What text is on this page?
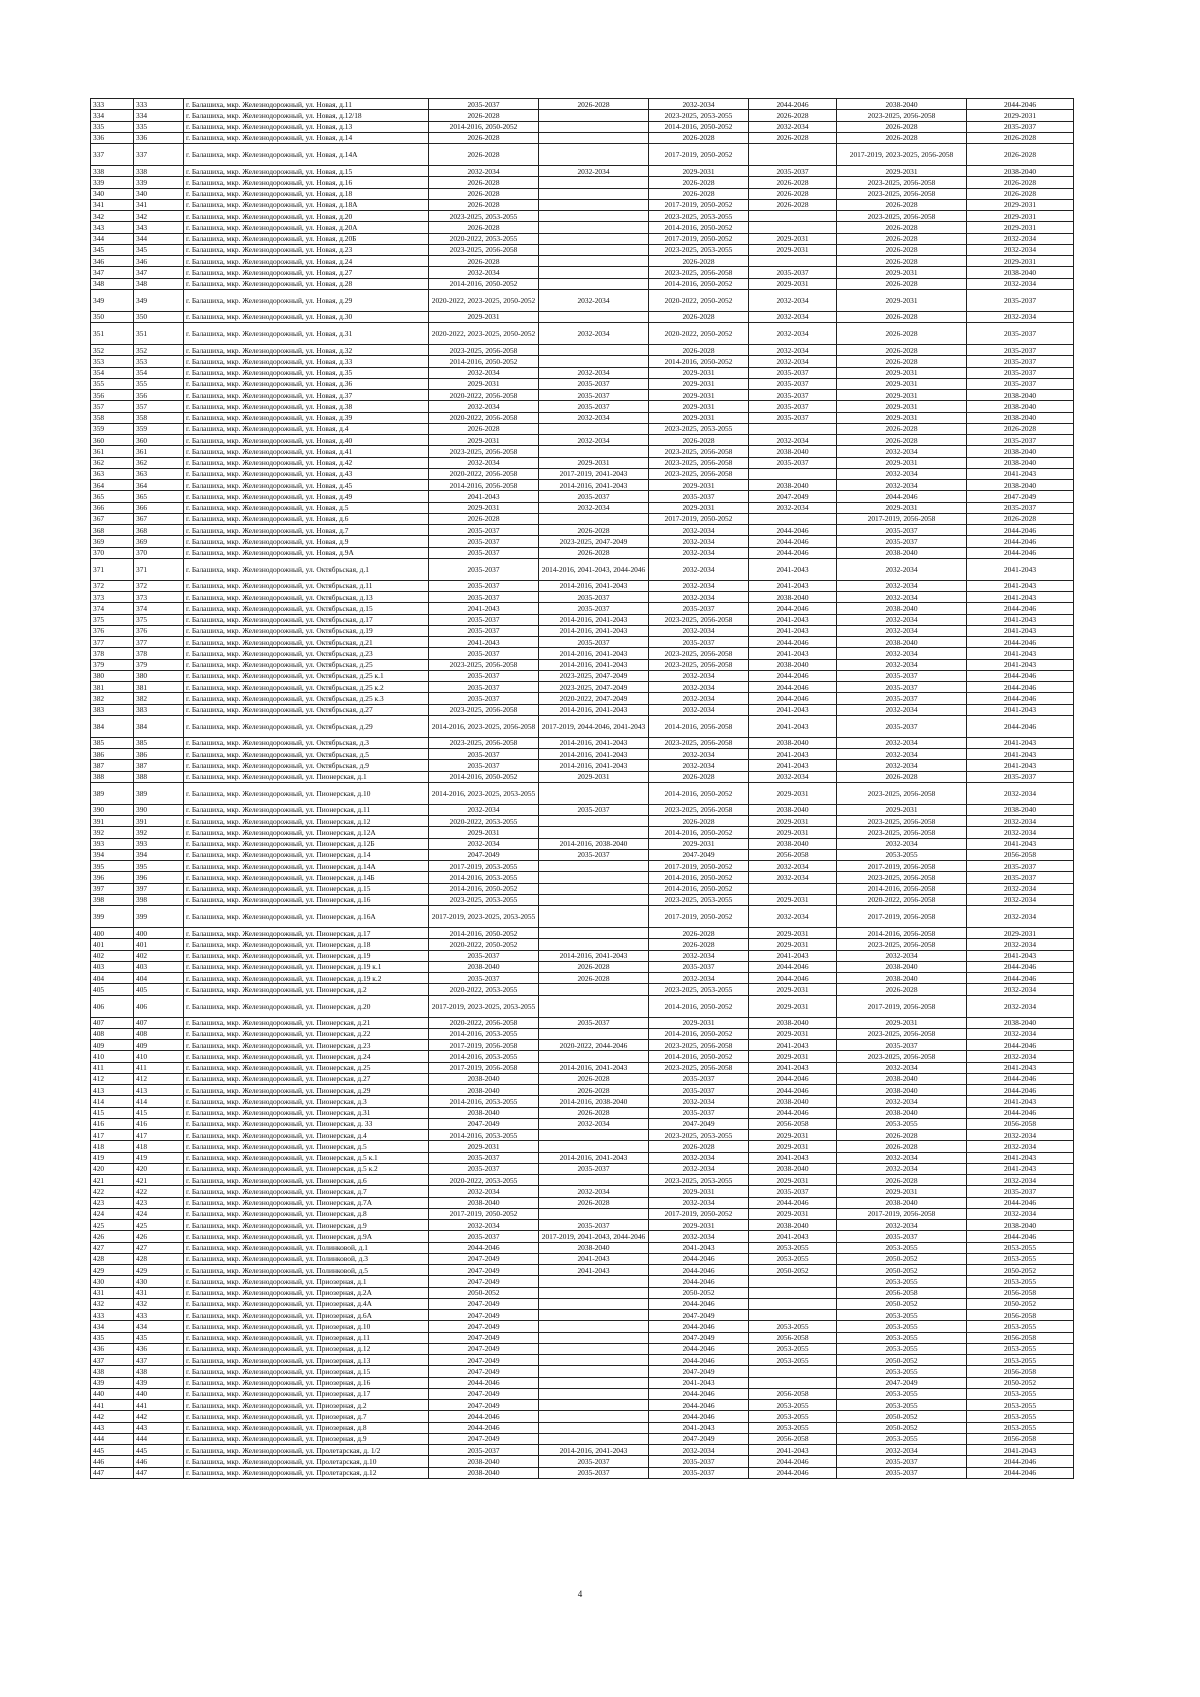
333	333	г. Балашиха, мкр. Железнодорожный, ул. Новая, д.11	2035-2037	2026-2028	2032-2034	2044-2046	2038-2040	2044-2046
334	334	г. Балашиха, мкр. Железнодорожный, ул. Новая, д.12/18	2026-2028		2023-2025, 2053-2055	2026-2028	2023-2025, 2056-2058	2029-2031
335	335	г. Балашиха, мкр. Железнодорожный, ул. Новая, д.13	2014-2016, 2050-2052		2014-2016, 2050-2052	2032-2034	2026-2028	2035-2037
336	336	г. Балашиха, мкр. Железнодорожный, ул. Новая, д.14	2026-2028		2026-2028	2026-2028	2026-2028	2026-2028
337	337	г. Балашиха, мкр. Железнодорожный, ул. Новая, д.14А	2026-2028		2017-2019, 2050-2052		2017-2019, 2023-2025, 2056-2058	2026-2028
338	338	г. Балашиха, мкр. Железнодорожный, ул. Новая, д.15	2032-2034	2032-2034	2029-2031	2035-2037	2029-2031	2038-2040
339	339	г. Балашиха, мкр. Железнодорожный, ул. Новая, д.16	2026-2028		2026-2028	2026-2028	2023-2025, 2056-2058	2026-2028
340	340	г. Балашиха, мкр. Железнодорожный, ул. Новая, д.18	2026-2028		2026-2028	2026-2028	2023-2025, 2056-2058	2026-2028
341	341	г. Балашиха, мкр. Железнодорожный, ул. Новая, д.18А	2026-2028		2017-2019, 2050-2052	2026-2028	2026-2028	2029-2031
342	342	г. Балашиха, мкр. Железнодорожный, ул. Новая, д.20	2023-2025, 2053-2055		2023-2025, 2053-2055		2023-2025, 2056-2058	2029-2031
343	343	г. Балашиха, мкр. Железнодорожный, ул. Новая, д.20А	2026-2028		2014-2016, 2050-2052		2026-2028	2029-2031
344	344	г. Балашиха, мкр. Железнодорожный, ул. Новая, д.20Б	2020-2022, 2053-2055		2017-2019, 2050-2052	2029-2031	2026-2028	2032-2034
345	345	г. Балашиха, мкр. Железнодорожный, ул. Новая, д.23	2023-2025, 2056-2058		2023-2025, 2053-2055	2029-2031	2026-2028	2032-2034
346	346	г. Балашиха, мкр. Железнодорожный, ул. Новая, д.24	2026-2028		2026-2028		2026-2028	2029-2031
347	347	г. Балашиха, мкр. Железнодорожный, ул. Новая, д.27	2032-2034		2023-2025, 2056-2058	2035-2037	2029-2031	2038-2040
348	348	г. Балашиха, мкр. Железнодорожный, ул. Новая, д.28	2014-2016, 2050-2052		2014-2016, 2050-2052	2029-2031	2026-2028	2032-2034
349	349	г. Балашиха, мкр. Железнодорожный, ул. Новая, д.29	2020-2022, 2023-2025, 2050-2052	2032-2034	2020-2022, 2050-2052	2032-2034	2029-2031	2035-2037
350	350	г. Балашиха, мкр. Железнодорожный, ул. Новая, д.30	2029-2031		2026-2028	2032-2034	2026-2028	2032-2034
351	351	г. Балашиха, мкр. Железнодорожный, ул. Новая, д.31	2020-2022, 2023-2025, 2050-2052	2032-2034	2020-2022, 2050-2052	2032-2034	2026-2028	2035-2037
352	352	г. Балашиха, мкр. Железнодорожный, ул. Новая, д.32	2023-2025, 2056-2058		2026-2028	2032-2034	2026-2028	2035-2037
353	353	г. Балашиха, мкр. Железнодорожный, ул. Новая, д.33	2014-2016, 2050-2052		2014-2016, 2050-2052	2032-2034	2026-2028	2035-2037
354	354	г. Балашиха, мкр. Железнодорожный, ул. Новая, д.35	2032-2034	2032-2034	2029-2031	2035-2037	2029-2031	2035-2037
355	355	г. Балашиха, мкр. Железнодорожный, ул. Новая, д.36	2029-2031	2035-2037	2029-2031	2035-2037	2029-2031	2035-2037
356	356	г. Балашиха, мкр. Железнодорожный, ул. Новая, д.37	2020-2022, 2056-2058	2035-2037	2029-2031	2035-2037	2029-2031	2038-2040
357	357	г. Балашиха, мкр. Железнодорожный, ул. Новая, д.38	2032-2034	2035-2037	2029-2031	2035-2037	2029-2031	2038-2040
358	358	г. Балашиха, мкр. Железнодорожный, ул. Новая, д.39	2020-2022, 2056-2058	2032-2034	2029-2031	2035-2037	2029-2031	2038-2040
359	359	г. Балашиха, мкр. Железнодорожный, ул. Новая, д.4	2026-2028		2023-2025, 2053-2055		2026-2028	2026-2028
360	360	г. Балашиха, мкр. Железнодорожный, ул. Новая, д.40	2029-2031	2032-2034	2026-2028	2032-2034	2026-2028	2035-2037
361	361	г. Балашиха, мкр. Железнодорожный, ул. Новая, д.41	2023-2025, 2056-2058		2023-2025, 2056-2058	2038-2040	2032-2034	2038-2040
362	362	г. Балашиха, мкр. Железнодорожный, ул. Новая, д.42	2032-2034	2029-2031	2023-2025, 2056-2058	2035-2037	2029-2031	2038-2040
363	363	г. Балашиха, мкр. Железнодорожный, ул. Новая, д.43	2020-2022, 2056-2058	2017-2019, 2041-2043	2023-2025, 2056-2058		2032-2034	2041-2043
364	364	г. Балашиха, мкр. Железнодорожный, ул. Новая, д.45	2014-2016, 2056-2058	2014-2016, 2041-2043	2029-2031	2038-2040	2032-2034	2038-2040
365	365	г. Балашиха, мкр. Железнодорожный, ул. Новая, д.49	2041-2043	2035-2037	2035-2037	2047-2049	2044-2046	2047-2049
366	366	г. Балашиха, мкр. Железнодорожный, ул. Новая, д.5	2029-2031	2032-2034	2029-2031	2032-2034	2029-2031	2035-2037
367	367	г. Балашиха, мкр. Железнодорожный, ул. Новая, д.6	2026-2028		2017-2019, 2050-2052		2017-2019, 2056-2058	2026-2028
368	368	г. Балашиха, мкр. Железнодорожный, ул. Новая, д.7	2035-2037	2026-2028	2032-2034	2044-2046	2035-2037	2044-2046
369	369	г. Балашиха, мкр. Железнодорожный, ул. Новая, д.9	2035-2037	2023-2025, 2047-2049	2032-2034	2044-2046	2035-2037	2044-2046
370	370	г. Балашиха, мкр. Железнодорожный, ул. Новая, д.9А	2035-2037	2026-2028	2032-2034	2044-2046	2038-2040	2044-2046
371	371	г. Балашиха, мкр. Железнодорожный, ул. Октябрьская, д.1	2035-2037	2014-2016, 2041-2043, 2044-2046	2032-2034	2041-2043	2032-2034	2041-2043
372	372	г. Балашиха, мкр. Железнодорожный, ул. Октябрьская, д.11	2035-2037	2014-2016, 2041-2043	2032-2034	2041-2043	2032-2034	2041-2043
373	373	г. Балашиха, мкр. Железнодорожный, ул. Октябрьская, д.13	2035-2037	2035-2037	2032-2034	2038-2040	2032-2034	2041-2043
374	374	г. Балашиха, мкр. Железнодорожный, ул. Октябрьская, д.15	2041-2043	2035-2037	2035-2037	2044-2046	2038-2040	2044-2046
375	375	г. Балашиха, мкр. Железнодорожный, ул. Октябрьская, д.17	2035-2037	2014-2016, 2041-2043	2023-2025, 2056-2058	2041-2043	2032-2034	2041-2043
376	376	г. Балашиха, мкр. Железнодорожный, ул. Октябрьская, д.19	2035-2037	2014-2016, 2041-2043	2032-2034	2041-2043	2032-2034	2041-2043
377	377	г. Балашиха, мкр. Железнодорожный, ул. Октябрьская, д.21	2041-2043	2035-2037	2035-2037	2044-2046	2038-2040	2044-2046
378	378	г. Балашиха, мкр. Железнодорожный, ул. Октябрьская, д.23	2035-2037	2014-2016, 2041-2043	2023-2025, 2056-2058	2041-2043	2032-2034	2041-2043
379	379	г. Балашиха, мкр. Железнодорожный, ул. Октябрьская, д.25	2023-2025, 2056-2058	2014-2016, 2041-2043	2023-2025, 2056-2058	2038-2040	2032-2034	2041-2043
380	380	г. Балашиха, мкр. Железнодорожный, ул. Октябрьская, д.25 к.1	2035-2037	2023-2025, 2047-2049	2032-2034	2044-2046	2035-2037	2044-2046
381	381	г. Балашиха, мкр. Железнодорожный, ул. Октябрьская, д.25 к.2	2035-2037	2023-2025, 2047-2049	2032-2034	2044-2046	2035-2037	2044-2046
382	382	г. Балашиха, мкр. Железнодорожный, ул. Октябрьская, д.25 к.3	2035-2037	2020-2022, 2047-2049	2032-2034	2044-2046	2035-2037	2044-2046
383	383	г. Балашиха, мкр. Железнодорожный, ул. Октябрьская, д.27	2023-2025, 2056-2058	2014-2016, 2041-2043	2032-2034	2041-2043	2032-2034	2041-2043
384	384	г. Балашиха, мкр. Железнодорожный, ул. Октябрьская, д.29	2014-2016, 2023-2025, 2056-2058	2017-2019, 2044-2046, 2041-2043	2014-2016, 2056-2058	2041-2043	2035-2037	2044-2046
385	385	г. Балашиха, мкр. Железнодорожный, ул. Октябрьская, д.3	2023-2025, 2056-2058	2014-2016, 2041-2043	2023-2025, 2056-2058	2038-2040	2032-2034	2041-2043
386	386	г. Балашиха, мкр. Железнодорожный, ул. Октябрьская, д.5	2035-2037	2014-2016, 2041-2043	2032-2034	2041-2043	2032-2034	2041-2043
387	387	г. Балашиха, мкр. Железнодорожный, ул. Октябрьская, д.9	2035-2037	2014-2016, 2041-2043	2032-2034	2041-2043	2032-2034	2041-2043
388	388	г. Балашиха, мкр. Железнодорожный, ул. Пионерская, д.1	2014-2016, 2050-2052	2029-2031	2026-2028	2032-2034	2026-2028	2035-2037
389	389	г. Балашиха, мкр. Железнодорожный, ул. Пионерская, д.10	2014-2016, 2023-2025, 2053-2055		2014-2016, 2050-2052	2029-2031	2023-2025, 2056-2058	2032-2034
390	390	г. Балашиха, мкр. Железнодорожный, ул. Пионерская, д.11	2032-2034	2035-2037	2023-2025, 2056-2058	2038-2040	2029-2031	2038-2040
391	391	г. Балашиха, мкр. Железнодорожный, ул. Пионерская, д.12	2020-2022, 2053-2055		2026-2028	2029-2031	2023-2025, 2056-2058	2032-2034
392	392	г. Балашиха, мкр. Железнодорожный, ул. Пионерская, д.12А	2029-2031		2014-2016, 2050-2052	2029-2031	2023-2025, 2056-2058	2032-2034
393	393	г. Балашиха, мкр. Железнодорожный, ул. Пионерская, д.12Б	2032-2034	2014-2016, 2038-2040	2029-2031	2038-2040	2032-2034	2041-2043
394	394	г. Балашиха, мкр. Железнодорожный, ул. Пионерская, д.14	2047-2049	2035-2037	2047-2049	2056-2058	2053-2055	2056-2058
395	395	г. Балашиха, мкр. Железнодорожный, ул. Пионерская, д.14А	2017-2019, 2053-2055		2017-2019, 2050-2052	2032-2034	2017-2019, 2056-2058	2035-2037
396	396	г. Балашиха, мкр. Железнодорожный, ул. Пионерская, д.14Б	2014-2016, 2053-2055		2014-2016, 2050-2052	2032-2034	2023-2025, 2056-2058	2035-2037
397	397	г. Балашиха, мкр. Железнодорожный, ул. Пионерская, д.15	2014-2016, 2050-2052		2014-2016, 2050-2052		2014-2016, 2056-2058	2032-2034
398	398	г. Балашиха, мкр. Железнодорожный, ул. Пионерская, д.16	2023-2025, 2053-2055		2023-2025, 2053-2055	2029-2031	2020-2022, 2056-2058	2032-2034
399	399	г. Балашиха, мкр. Железнодорожный, ул. Пионерская, д.16А	2017-2019, 2023-2025, 2053-2055		2017-2019, 2050-2052	2032-2034	2017-2019, 2056-2058	2032-2034
400	400	г. Балашиха, мкр. Железнодорожный, ул. Пионерская, д.17	2014-2016, 2050-2052		2026-2028	2029-2031	2014-2016, 2056-2058	2029-2031
401	401	г. Балашиха, мкр. Железнодорожный, ул. Пионерская, д.18	2020-2022, 2050-2052		2026-2028	2029-2031	2023-2025, 2056-2058	2032-2034
402	402	г. Балашиха, мкр. Железнодорожный, ул. Пионерская, д.19	2035-2037	2014-2016, 2041-2043	2032-2034	2041-2043	2032-2034	2041-2043
403	403	г. Балашиха, мкр. Железнодорожный, ул. Пионерская, д.19 к.1	2038-2040	2026-2028	2035-2037	2044-2046	2038-2040	2044-2046
404	404	г. Балашиха, мкр. Железнодорожный, ул. Пионерская, д.19 к.2	2035-2037	2026-2028	2032-2034	2044-2046	2038-2040	2044-2046
405	405	г. Балашиха, мкр. Железнодорожный, ул. Пионерская, д.2	2020-2022, 2053-2055		2023-2025, 2053-2055	2029-2031	2026-2028	2032-2034
406	406	г. Балашиха, мкр. Железнодорожный, ул. Пионерская, д.20	2017-2019, 2023-2025, 2053-2055		2014-2016, 2050-2052	2029-2031	2017-2019, 2056-2058	2032-2034
407	407	г. Балашиха, мкр. Железнодорожный, ул. Пионерская, д.21	2020-2022, 2056-2058	2035-2037	2029-2031	2038-2040	2029-2031	2038-2040
408	408	г. Балашиха, мкр. Железнодорожный, ул. Пионерская, д.22	2014-2016, 2053-2055		2014-2016, 2050-2052	2029-2031	2023-2025, 2056-2058	2032-2034
409	409	г. Балашиха, мкр. Железнодорожный, ул. Пионерская, д.23	2017-2019, 2056-2058	2020-2022, 2044-2046	2023-2025, 2056-2058	2041-2043	2035-2037	2044-2046
410	410	г. Балашиха, мкр. Железнодорожный, ул. Пионерская, д.24	2014-2016, 2053-2055		2014-2016, 2050-2052	2029-2031	2023-2025, 2056-2058	2032-2034
411	411	г. Балашиха, мкр. Железнодорожный, ул. Пионерская, д.25	2017-2019, 2056-2058	2014-2016, 2041-2043	2023-2025, 2056-2058	2041-2043	2032-2034	2041-2043
412	412	г. Балашиха, мкр. Железнодорожный, ул. Пионерская, д.27	2038-2040	2026-2028	2035-2037	2044-2046	2038-2040	2044-2046
413	413	г. Балашиха, мкр. Железнодорожный, ул. Пионерская, д.29	2038-2040	2026-2028	2035-2037	2044-2046	2038-2040	2044-2046
414	414	г. Балашиха, мкр. Железнодорожный, ул. Пионерская, д.3	2014-2016, 2053-2055	2014-2016, 2038-2040	2032-2034	2038-2040	2032-2034	2041-2043
415	415	г. Балашиха, мкр. Железнодорожный, ул. Пионерская, д.31	2038-2040	2026-2028	2035-2037	2044-2046	2038-2040	2044-2046
416	416	г. Балашиха, мкр. Железнодорожный, ул. Пионерская, д. 33	2047-2049	2032-2034	2047-2049	2056-2058	2053-2055	2056-2058
417	417	г. Балашиха, мкр. Железнодорожный, ул. Пионерская, д.4	2014-2016, 2053-2055		2023-2025, 2053-2055	2029-2031	2026-2028	2032-2034
418	418	г. Балашиха, мкр. Железнодорожный, ул. Пионерская, д.5	2029-2031		2026-2028	2029-2031	2026-2028	2032-2034
419	419	г. Балашиха, мкр. Железнодорожный, ул. Пионерская, д.5 к.1	2035-2037	2014-2016, 2041-2043	2032-2034	2041-2043	2032-2034	2041-2043
420	420	г. Балашиха, мкр. Железнодорожный, ул. Пионерская, д.5 к.2	2035-2037	2035-2037	2032-2034	2038-2040	2032-2034	2041-2043
421	421	г. Балашиха, мкр. Железнодорожный, ул. Пионерская, д.6	2020-2022, 2053-2055		2023-2025, 2053-2055	2029-2031	2026-2028	2032-2034
422	422	г. Балашиха, мкр. Железнодорожный, ул. Пионерская, д.7	2032-2034	2032-2034	2029-2031	2035-2037	2029-2031	2035-2037
423	423	г. Балашиха, мкр. Железнодорожный, ул. Пионерская, д.7А	2038-2040	2026-2028	2032-2034	2044-2046	2038-2040	2044-2046
424	424	г. Балашиха, мкр. Железнодорожный, ул. Пионерская, д.8	2017-2019, 2050-2052		2017-2019, 2050-2052	2029-2031	2017-2019, 2056-2058	2032-2034
425	425	г. Балашиха, мкр. Железнодорожный, ул. Пионерская, д.9	2032-2034	2035-2037	2029-2031	2038-2040	2032-2034	2038-2040
426	426	г. Балашиха, мкр. Железнодорожный, ул. Пионерская, д.9А	2035-2037	2017-2019, 2041-2043, 2044-2046	2032-2034	2041-2043	2035-2037	2044-2046
427	427	г. Балашиха, мкр. Железнодорожный, ул. Полинковой, д.1	2044-2046	2038-2040	2041-2043	2053-2055	2053-2055	2053-2055
428	428	г. Балашиха, мкр. Железнодорожный, ул. Полинковой, д.3	2047-2049	2041-2043	2044-2046	2053-2055	2050-2052	2053-2055
429	429	г. Балашиха, мкр. Железнодорожный, ул. Полинковой, д.5	2047-2049	2041-2043	2044-2046	2050-2052	2050-2052	2050-2052
430	430	г. Балашиха, мкр. Железнодорожный, ул. Приозерная, д.1	2047-2049		2044-2046		2053-2055	2053-2055
431	431	г. Балашиха, мкр. Железнодорожный, ул. Приозерная, д.2А	2050-2052		2050-2052		2056-2058	2056-2058
432	432	г. Балашиха, мкр. Железнодорожный, ул. Приозерная, д.4А	2047-2049		2044-2046		2050-2052	2050-2052
433	433	г. Балашиха, мкр. Железнодорожный, ул. Приозерная, д.6А	2047-2049		2047-2049		2053-2055	2056-2058
434	434	г. Балашиха, мкр. Железнодорожный, ул. Приозерная, д.10	2047-2049		2044-2046	2053-2055	2053-2055	2053-2055
435	435	г. Балашиха, мкр. Железнодорожный, ул. Приозерная, д.11	2047-2049		2047-2049	2056-2058	2053-2055	2056-2058
436	436	г. Балашиха, мкр. Железнодорожный, ул. Приозерная, д.12	2047-2049		2044-2046	2053-2055	2053-2055	2053-2055
437	437	г. Балашиха, мкр. Железнодорожный, ул. Приозерная, д.13	2047-2049		2044-2046	2053-2055	2050-2052	2053-2055
438	438	г. Балашиха, мкр. Железнодорожный, ул. Приозерная, д.15	2047-2049		2047-2049		2053-2055	2056-2058
439	439	г. Балашиха, мкр. Железнодорожный, ул. Приозерная, д.16	2044-2046		2041-2043		2047-2049	2050-2052
440	440	г. Балашиха, мкр. Железнодорожный, ул. Приозерная, д.17	2047-2049		2044-2046	2056-2058	2053-2055	2053-2055
441	441	г. Балашиха, мкр. Железнодорожный, ул. Приозерная, д.2	2047-2049		2044-2046	2053-2055	2053-2055	2053-2055
442	442	г. Балашиха, мкр. Железнодорожный, ул. Приозерная, д.7	2044-2046		2044-2046	2053-2055	2050-2052	2053-2055
443	443	г. Балашиха, мкр. Железнодорожный, ул. Приозерная, д.8	2044-2046		2041-2043	2053-2055	2050-2052	2053-2055
444	444	г. Балашиха, мкр. Железнодорожный, ул. Приозерная, д.9	2047-2049		2047-2049	2056-2058	2053-2055	2056-2058
445	445	г. Балашиха, мкр. Железнодорожный, ул. Пролетарская, д. 1/2	2035-2037	2014-2016, 2041-2043	2032-2034	2041-2043	2032-2034	2041-2043
446	446	г. Балашиха, мкр. Железнодорожный, ул. Пролетарская, д.10	2038-2040	2035-2037	2035-2037	2044-2046	2035-2037	2044-2046
447	447	г. Балашиха, мкр. Железнодорожный, ул. Пролетарская, д.12	2038-2040	2035-2037	2035-2037	2044-2046	2035-2037	2044-2046
4
